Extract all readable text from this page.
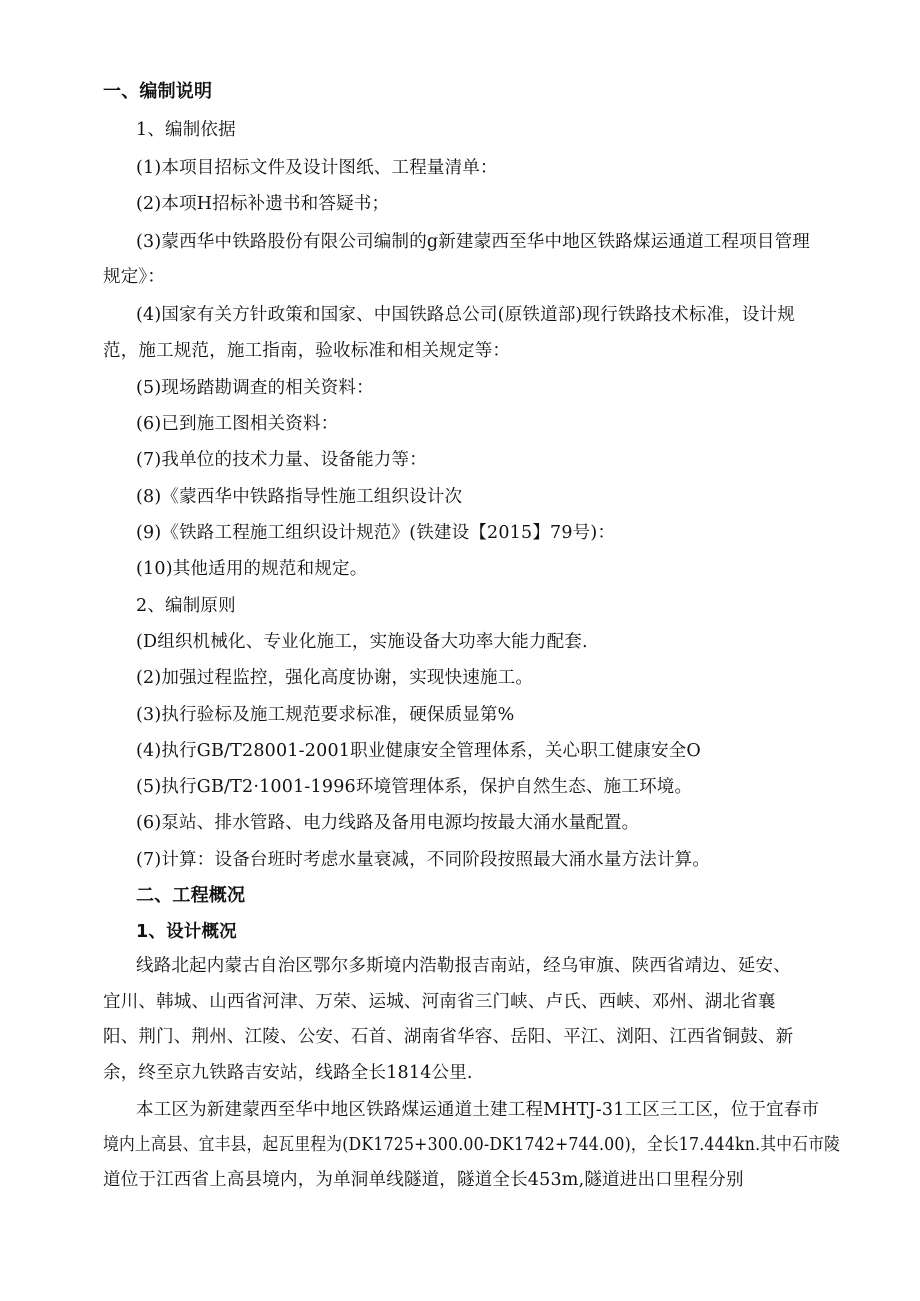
一、编制说明
1、编制依据
(1)本项目招标文件及设计图纸、工程量清单：
(2)本项H招标补遗书和答疑书；
(3)蒙西华中铁路股份有限公司编制的g新建蒙西至华中地区铁路煤运通道工程项目管理
规定》：
(4)国家有关方针政策和国家、中国铁路总公司(原铁道部)现行铁路技术标准，设计规
范，施工规范，施工指南，验收标准和相关规定等：
(5)现场踏勘调查的相关资料：
(6)已到施工图相关资料：
(7)我单位的技术力量、设备能力等：
(8)《蒙西华中铁路指导性施工组织设计次
(9)《铁路工程施工组织设计规范》(铁建设【2015】79号)：
(10)其他适用的规范和规定。
2、编制原则
(D组织机械化、专业化施工，实施设备大功率大能力配套.
(2)加强过程监控，强化高度协谢，实现快速施工。
(3)执行验标及施工规范要求标准，硬保质显第%
(4)执行GB/T28001-2001职业健康安全管理体系，关心职工健康安全O
(5)执行GB/T2·1001-1996环境管理体系，保护自然生态、施工环境。
(6)泵站、排水管路、电力线路及备用电源均按最大涌水量配置。
(7)计算：设备台班时考虑水量衰减，不同阶段按照最大涌水量方法计算。
二、工程概况
1、设计概况
线路北起内蒙古自治区鄂尔多斯境内浩勒报吉南站，经乌审旗、陕西省靖边、延安、
宜川、韩城、山西省河津、万荣、运城、河南省三门峡、卢氏、西峡、邓州、湖北省襄
阳、荆门、荆州、江陵、公安、石首、湖南省华容、岳阳、平江、浏阳、江西省铜鼓、新
余，终至京九铁路吉安站，线路全长1814公里.
本工区为新建蒙西至华中地区铁路煤运通道土建工程MHTJ-31工区三工区，位于宜春市
境内上高县、宜丰县，起瓦里程为(DK1725+300.00-DK1742+744.00)，全长17.444kn.其中石市陵
道位于江西省上高县境内，为单洞单线隧道，隧道全长453m,隧道进出口里程分别
